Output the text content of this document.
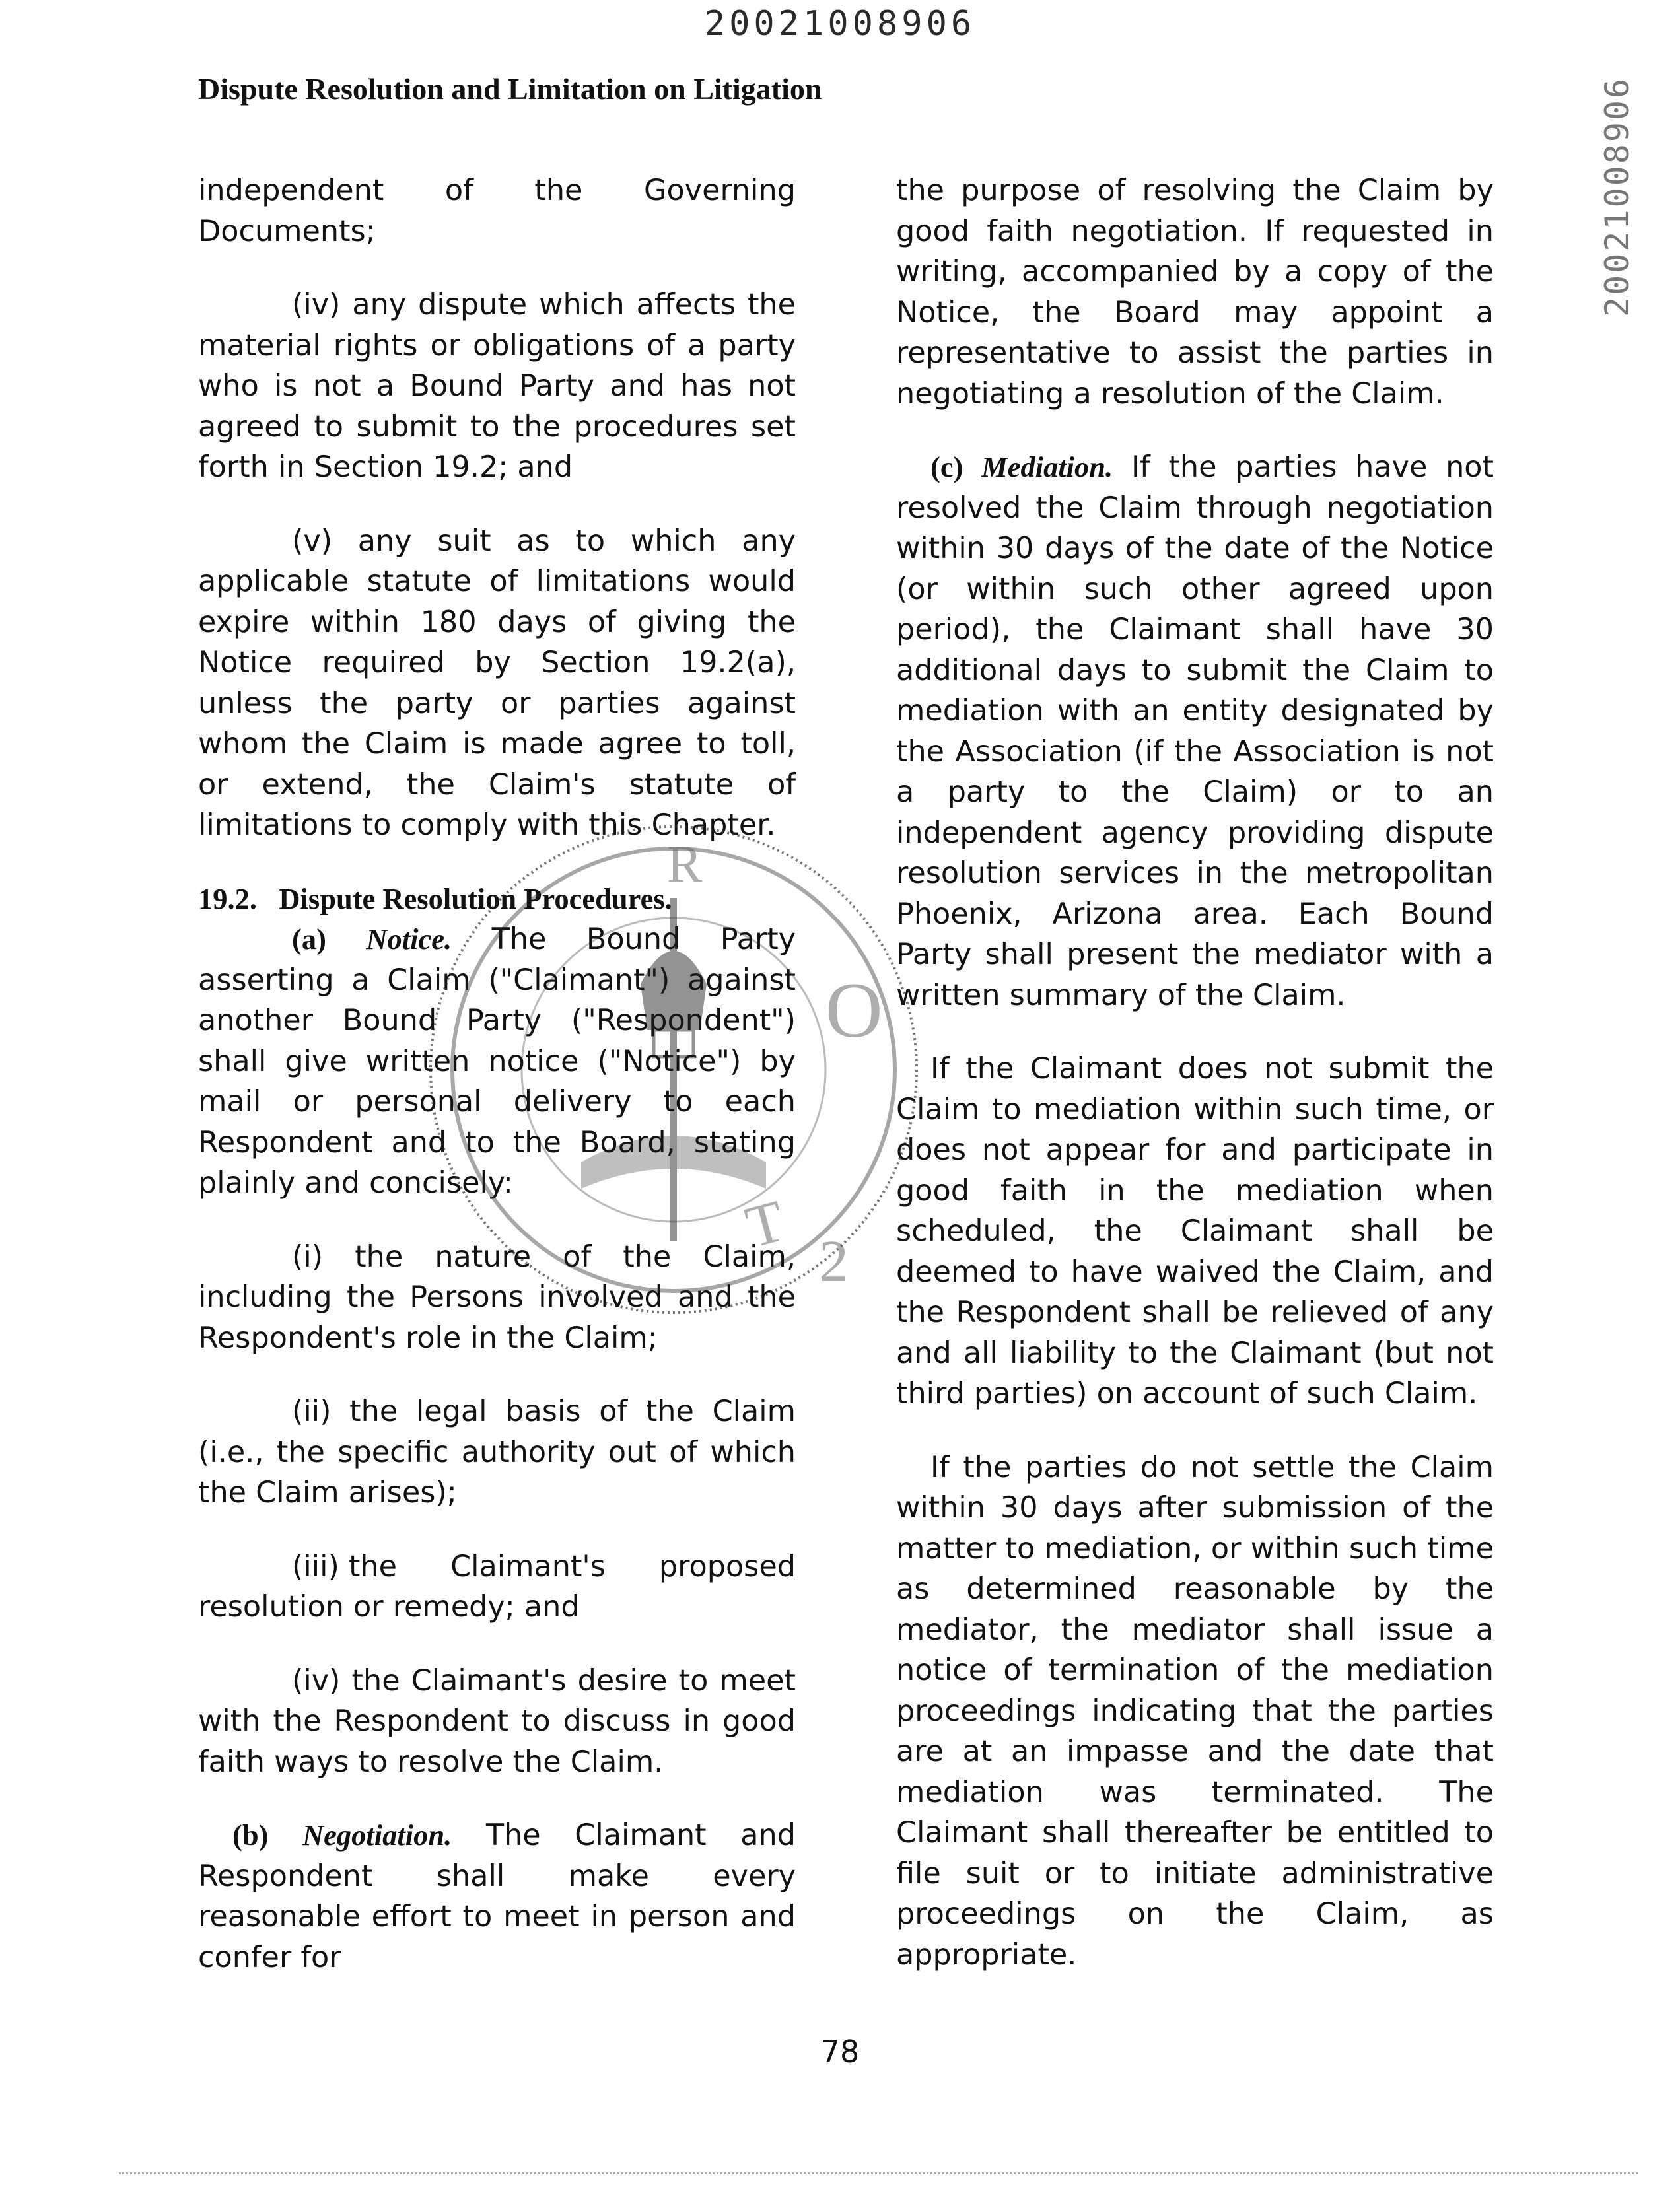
20021008906
Dispute Resolution and Limitation on Litigation	20021008906
independent of the Governing
Documents;

(iv) any dispute which affects the material rights or obligations of a party who is not a Bound Party and has not agreed to submit to the procedures set forth in Section 19.2; and

(v) any suit as to which any applicable statute of limitations would expire within 180 days of giving the Notice required by Section 19.2(a), unless the party or parties against whom the Claim is made agree to toll, or extend, the Claim's statute of limitations to comply with this Chapter.

19.2.   Dispute Resolution Procedures.

(a) Notice. The Bound Party asserting a Claim ("Claimant") against another Bound Party ("Respondent") shall give written notice ("Notice") by mail or personal delivery to each Respondent and to the Board, stating plainly and concisely:

(i) the nature of the Claim, including the Persons involved and the Respondent's role in the Claim;

(ii) the legal basis of the Claim (i.e., the specific authority out of which the Claim arises);

(iii) the Claimant's proposed
resolution or remedy; and

(iv) the Claimant's desire to meet with the Respondent to discuss in good faith ways to resolve the Claim.

(b) Negotiation. The Claimant and Respondent shall make every reasonable effort to meet in person and confer for

the purpose of resolving the Claim by good faith negotiation. If requested in writing, accompanied by a copy of the Notice, the Board may appoint a representative to assist the parties in negotiating a resolution of the Claim.

(c) Mediation. If the parties have not resolved the Claim through negotiation within 30 days of the date of the Notice (or within such other agreed upon period), the Claimant shall have 30 additional days to submit the Claim to mediation with an entity designated by the Association (if the Association is not a party to the Claim) or to an independent agency providing dispute resolution services in the metropolitan Phoenix, Arizona area. Each Bound Party shall present the mediator with a written summary of the Claim.

If the Claimant does not submit the Claim to mediation within such time, or does not appear for and participate in good faith in the mediation when scheduled, the Claimant shall be deemed to have waived the Claim, and the Respondent shall be relieved of any and all liability to the Claimant (but not third parties) on account of such Claim.

If the parties do not settle the Claim within 30 days after submission of the matter to mediation, or within such time as determined reasonable by the mediator, the mediator shall issue a notice of termination of the mediation proceedings indicating that the parties are at an impasse and the date that mediation was terminated. The Claimant shall thereafter be entitled to file suit or to initiate administrative proceedings on the Claim, as appropriate.

R
T
O
2
78
